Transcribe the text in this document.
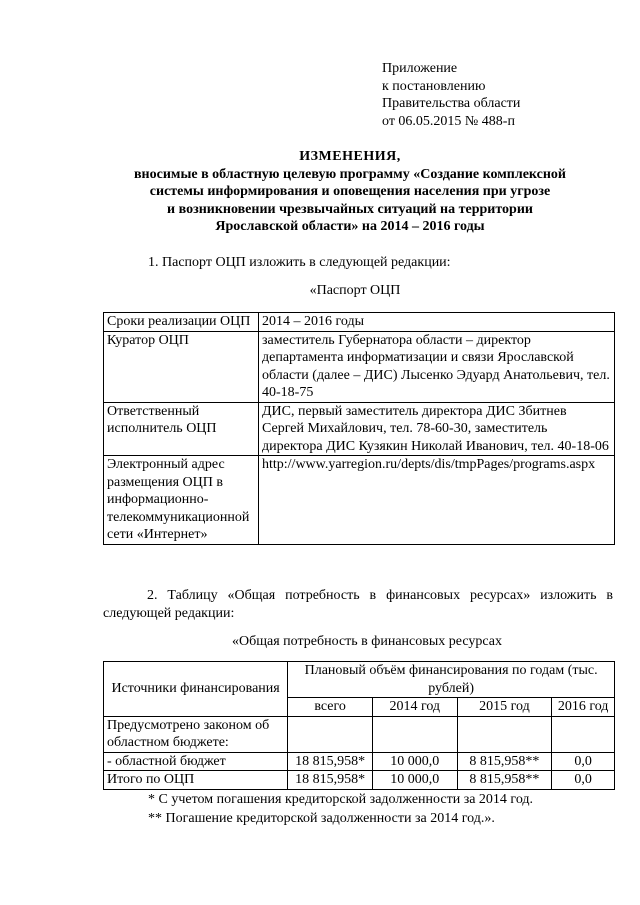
Приложение
к постановлению
Правительства области
от 06.05.2015 № 488-п
ИЗМЕНЕНИЯ,
вносимые в областную целевую программу «Создание комплексной
системы информирования и оповещения населения при угрозе
и возникновении чрезвычайных ситуаций на территории
Ярославской области» на 2014 – 2016 годы
1. Паспорт ОЦП изложить в следующей редакции:
«Паспорт ОЦП
Сроки реализации ОЦП	2014 – 2016 годы
Куратор ОЦП	заместитель Губернатора области – директор департамента информатизации и связи Ярославской области (далее – ДИС) Лысенко Эдуард Анатольевич, тел. 40-18-75
Ответственный исполнитель ОЦП	ДИС, первый заместитель директора ДИС Збитнев Сергей Михайлович, тел. 78-60-30, заместитель директора ДИС Кузякин Николай Иванович, тел. 40-18-06
Электронный адрес размещения ОЦП в информационно-телекоммуникационной сети «Интернет»	http://www.yarregion.ru/depts/dis/tmpPages/programs.aspx
2. Таблицу «Общая потребность в финансовых ресурсах» изложить в следующей редакции:
«Общая потребность в финансовых ресурсах
Источники финансирования	Плановый объём финансирования по годам (тыс. рублей)			
	всего	2014 год	2015 год	2016 год
Предусмотрено законом об областном бюджете:				
- областной бюджет	18 815,958*	10 000,0	8 815,958**	0,0
Итого по ОЦП	18 815,958*	10 000,0	8 815,958**	0,0
* С учетом погашения кредиторской задолженности за 2014 год.
** Погашение кредиторской задолженности за 2014 год.».
